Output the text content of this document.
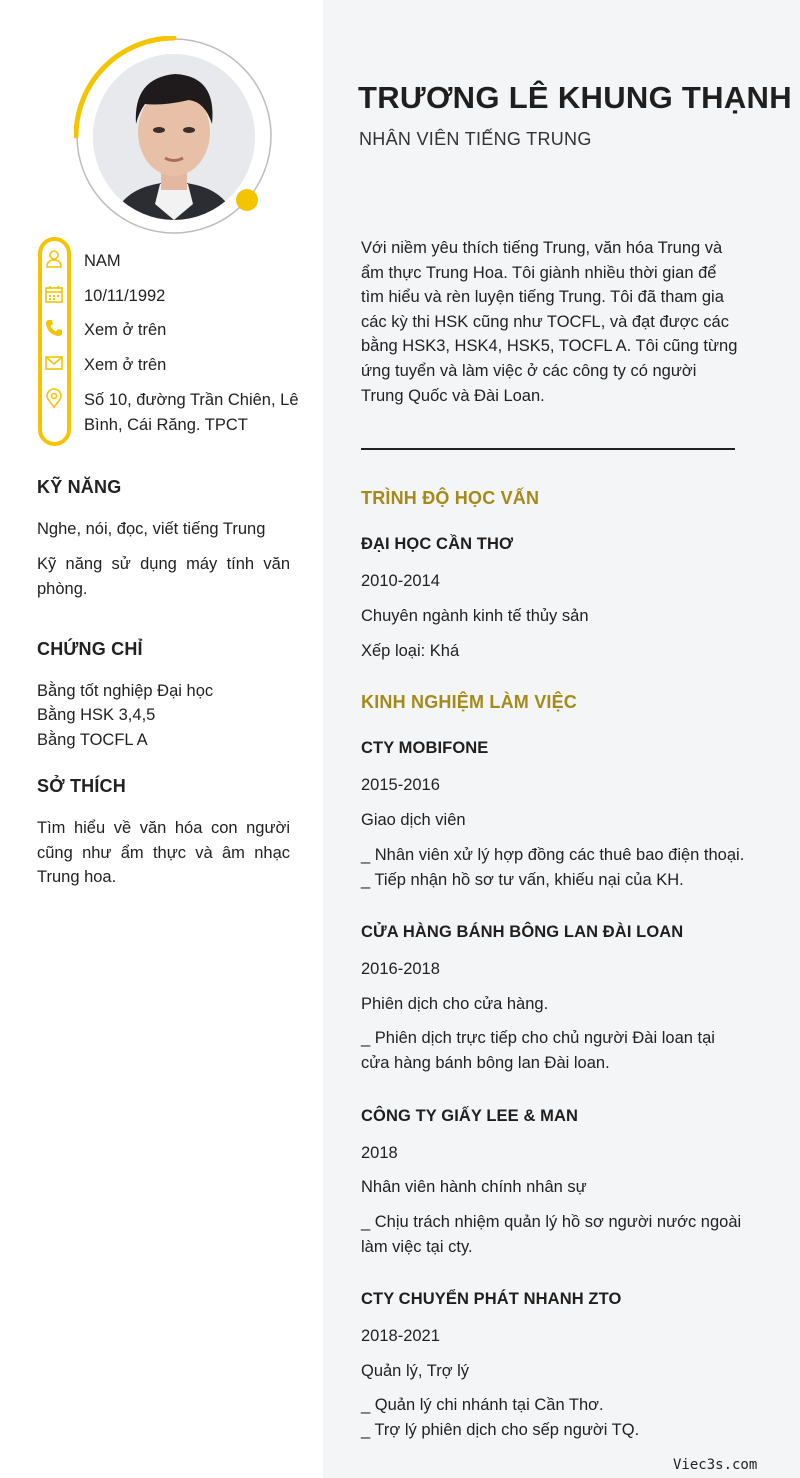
NAM
10/11/1992
Xem ở trên
Xem ở trên
Số 10, đường Trần Chiên, Lê Bình, Cái Răng. TPCT
KỸ NĂNG
Nghe, nói, đọc, viết tiếng Trung
Kỹ năng sử dụng máy tính văn phòng.
CHỨNG CHỈ
Bằng tốt nghiệp Đại học
Bằng HSK 3,4,5
Bằng TOCFL A
SỞ THÍCH
Tìm hiểu về văn hóa con người cũng như ẩm thực và âm nhạc Trung hoa.
TRƯƠNG LÊ KHUNG THẠNH
NHÂN VIÊN TIẾNG TRUNG
Với niềm yêu thích tiếng Trung, văn hóa Trung và ẩm thực Trung Hoa. Tôi giành nhiều thời gian để tìm hiểu và rèn luyện tiếng Trung. Tôi đã tham gia các kỳ thi HSK cũng như TOCFL, và đạt được các bằng HSK3, HSK4, HSK5, TOCFL A. Tôi cũng từng ứng tuyển và làm việc ở các công ty có người Trung Quốc và Đài Loan.
TRÌNH ĐỘ HỌC VẤN
ĐẠI HỌC CẦN THƠ
2010-2014
Chuyên ngành kinh tế thủy sản
Xếp loại: Khá
KINH NGHIỆM LÀM VIỆC
CTY MOBIFONE
2015-2016
Giao dịch viên
_ Nhân viên xử lý hợp đồng các thuê bao điện thoại.
_ Tiếp nhận hồ sơ tư vấn, khiếu nại của KH.
CỬA HÀNG BÁNH BÔNG LAN ĐÀI LOAN
2016-2018
Phiên dịch cho cửa hàng.
_ Phiên dịch trực tiếp cho chủ người Đài loan tại cửa hàng bánh bông lan Đài loan.
CÔNG TY GIẤY LEE & MAN
2018
Nhân viên hành chính nhân sự
_ Chịu trách nhiệm quản lý hồ sơ người nước ngoài làm việc tại cty.
CTY CHUYỂN PHÁT NHANH ZTO
2018-2021
Quản lý, Trợ lý
_ Quản lý chi nhánh tại Cần Thơ.
_ Trợ lý phiên dịch cho sếp người TQ.
Viec3s.com
